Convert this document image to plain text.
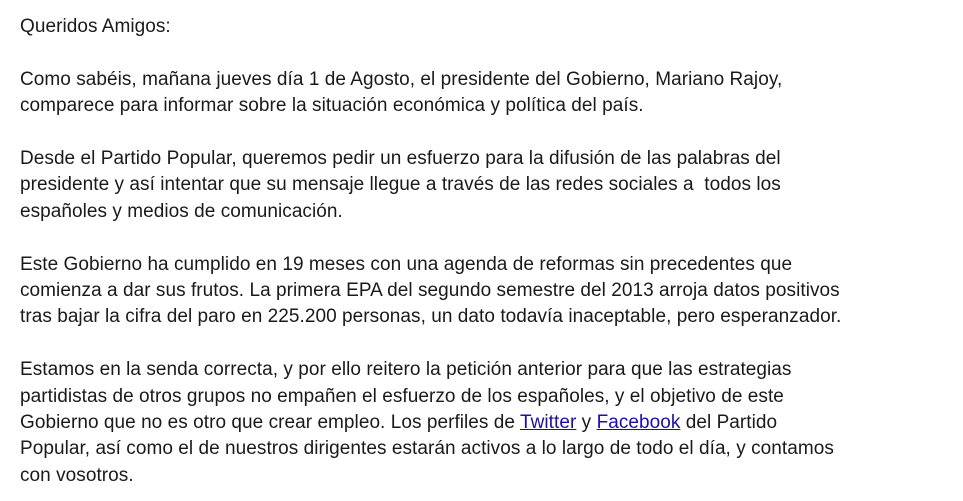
Queridos Amigos:

Como sabéis, mañana jueves día 1 de Agosto, el presidente del Gobierno, Mariano Rajoy,
comparece para informar sobre la situación económica y política del país.

Desde el Partido Popular, queremos pedir un esfuerzo para la difusión de las palabras del
presidente y así intentar que su mensaje llegue a través de las redes sociales a  todos los
españoles y medios de comunicación.

Este Gobierno ha cumplido en 19 meses con una agenda de reformas sin precedentes que
comienza a dar sus frutos. La primera EPA del segundo semestre del 2013 arroja datos positivos
tras bajar la cifra del paro en 225.200 personas, un dato todavía inaceptable, pero esperanzador.

Estamos en la senda correcta, y por ello reitero la petición anterior para que las estrategias
partidistas de otros grupos no empañen el esfuerzo de los españoles, y el objetivo de este
Gobierno que no es otro que crear empleo. Los perfiles de Twitter y Facebook del Partido
Popular, así como el de nuestros dirigentes estarán activos a lo largo de todo el día, y contamos
con vosotros.
